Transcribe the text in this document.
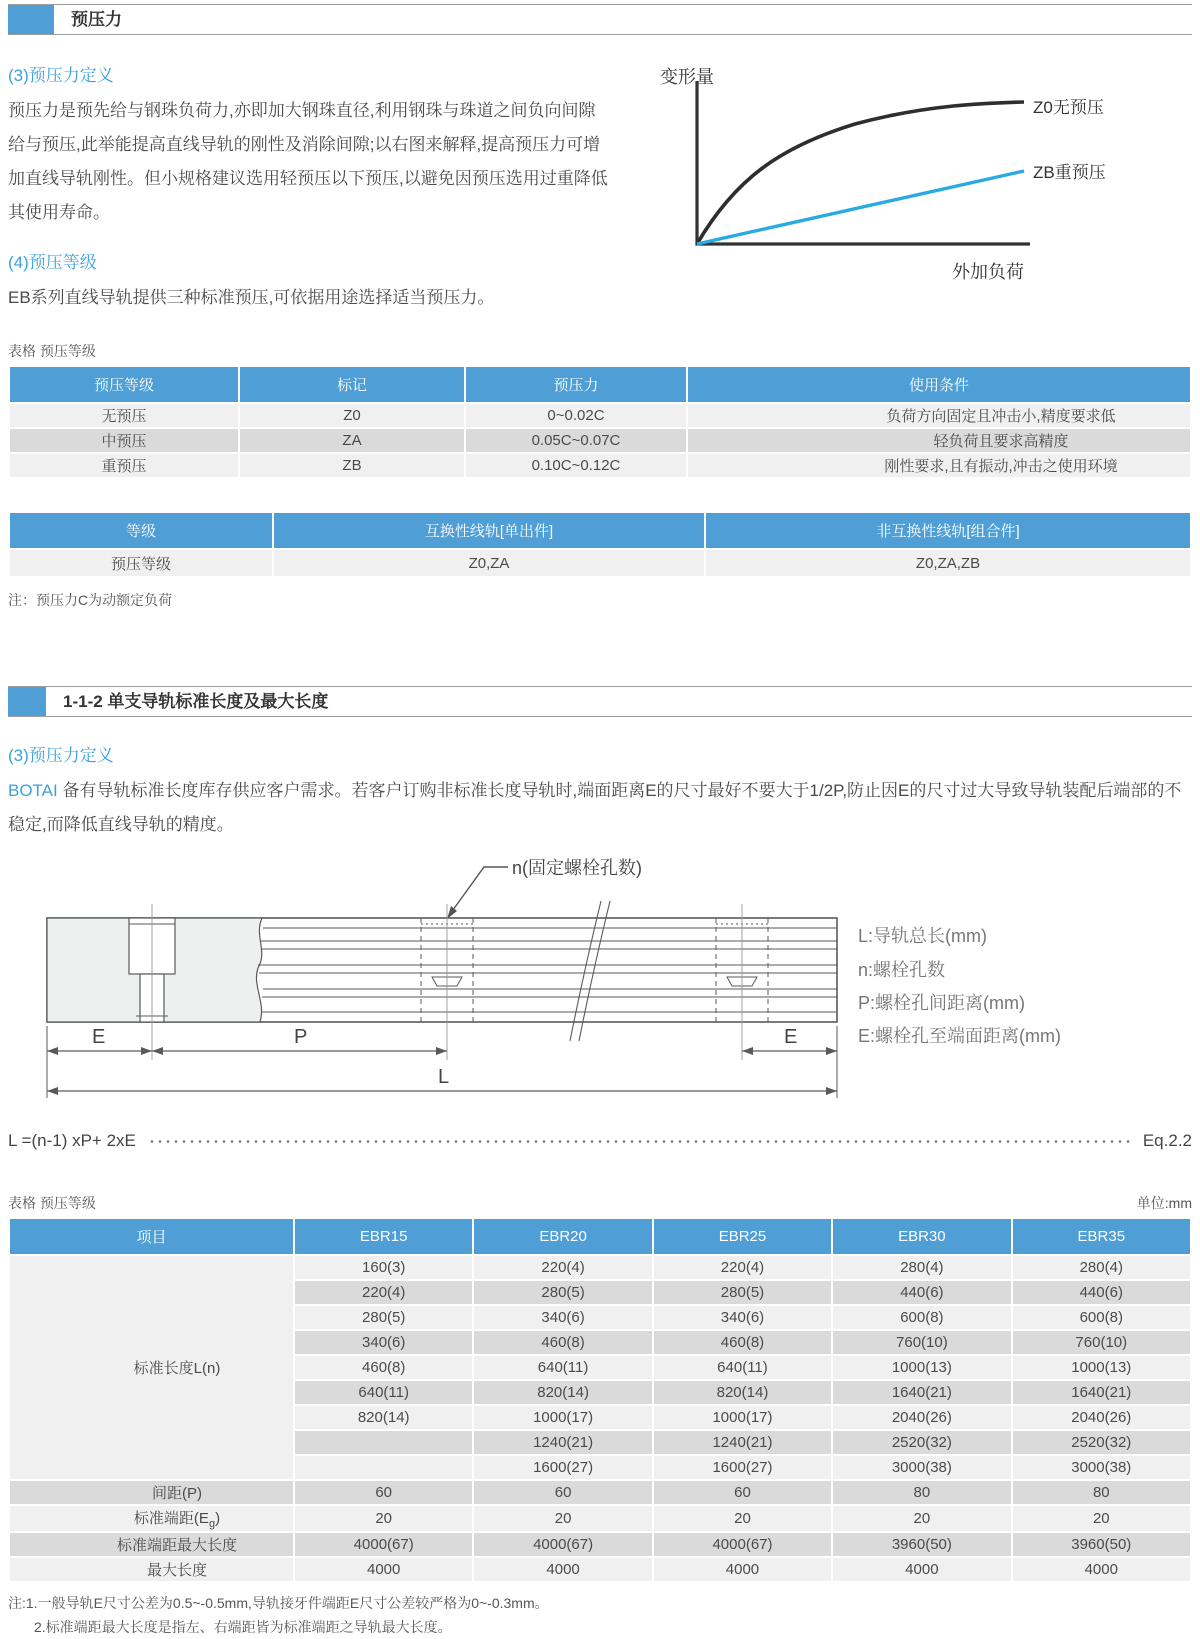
预压力

(3)预压力定义

预压力是预先给与钢珠负荷力,亦即加大钢珠直径,利用钢珠与珠道之间负向间隙给与预压,此举能提高直线导轨的刚性及消除间隙;以右图来解释,提高预压力可增加直线导轨刚性。但小规格建议选用轻预压以下预压,以避免因预压选用过重降低其使用寿命。

(4)预压等级

EB系列直线导轨提供三种标准预压,可依据用途选择适当预压力。

变形量
Z0无预压
ZB重预压
外加负荷
表格 预压等级
预压等级	标记	预压力	使用条件
无预压	Z0	0~0.02C	负荷方向固定且冲击小,精度要求低
中预压	ZA	0.05C~0.07C	轻负荷且要求高精度
重预压	ZB	0.10C~0.12C	刚性要求,且有振动,冲击之使用环境
等级	互换性线轨[单出件]	非互换性线轨[组合件]
预压等级	Z0,ZA	Z0,ZA,ZB
注：预压力C为动额定负荷
1-1-2 单支导轨标准长度及最大长度

(3)预压力定义

BOTAI 备有导轨标准长度库存供应客户需求。若客户订购非标准长度导轨时,端面距离E的尺寸最好不要大于1/2P,防止因E的尺寸过大导致导轨装配后端部的不稳定,而降低直线导轨的精度。

n(固定螺栓孔数)
E	P	E
L
L:导轨总长(mm)
n:螺栓孔数
P:螺栓孔间距离(mm)
E:螺栓孔至端面距离(mm)
L =(n-1) xP+ 2xE	Eq.2.2
表格 预压等级	单位:mm
项目	EBR15	EBR20	EBR25	EBR30	EBR35
标准长度L(n)	160(3)	220(4)	220(4)	280(4)	280(4)
	220(4)	280(5)	280(5)	440(6)	440(6)
	280(5)	340(6)	340(6)	600(8)	600(8)
	340(6)	460(8)	460(8)	760(10)	760(10)
	460(8)	640(11)	640(11)	1000(13)	1000(13)
	640(11)	820(14)	820(14)	1640(21)	1640(21)
	820(14)	1000(17)	1000(17)	2040(26)	2040(26)
		1240(21)	1240(21)	2520(32)	2520(32)
		1600(27)	1600(27)	3000(38)	3000(38)
间距(P)	60	60	60	80	80
标准端距$(E_g)$	20	20	20	20	20
标准端距最大长度	4000(67)	4000(67)	4000(67)	3960(50)	3960(50)
最大长度	4000	4000	4000	4000	4000
注:1.一般导轨E尺寸公差为0.5~-0.5mm,导轨接牙件端距E尺寸公差较严格为0~-0.3mm。
2.标准端距最大长度是指左、右端距皆为标准端距之导轨最大长度。
